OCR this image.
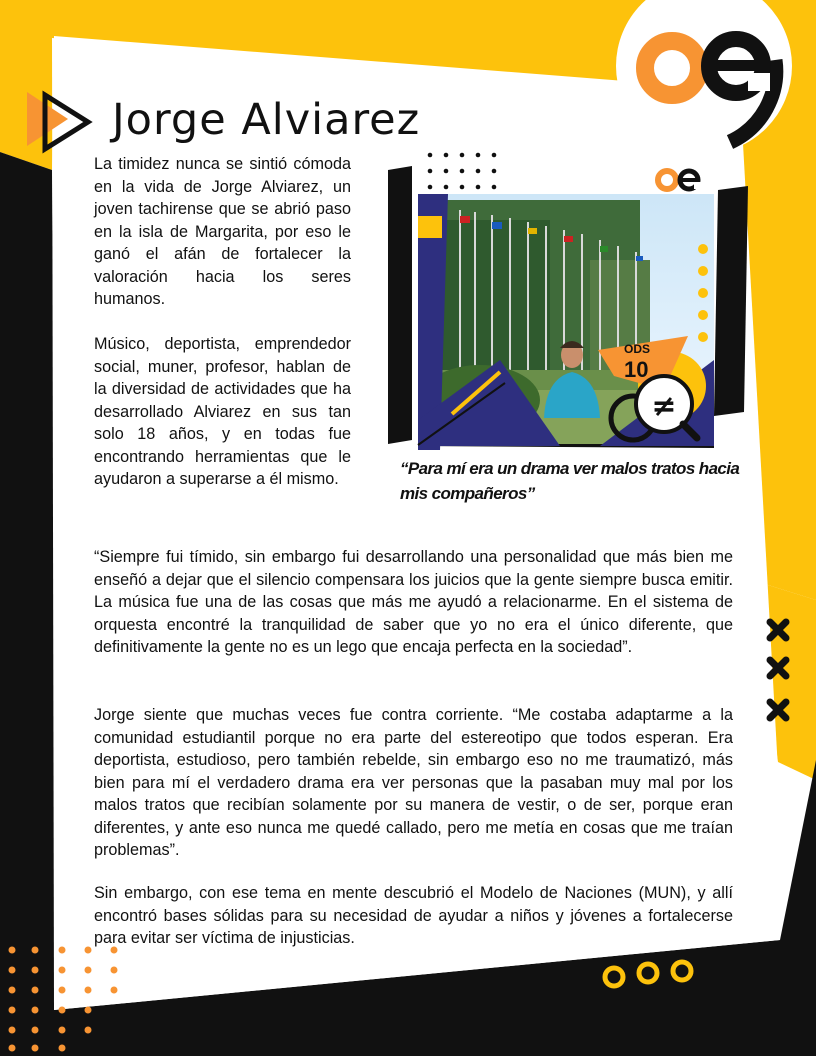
ODS
10
≠
Jorge Alviarez

La timidez nunca se sintió cómoda en la vida de Jorge Alviarez, un joven tachirense que se abrió paso en la isla de Margarita, por eso le ganó el afán de fortalecer la valoración hacia los seres humanos.

Músico, deportista, emprendedor social, muner, profesor, hablan de la diversidad de actividades que ha desarrollado Alviarez en sus tan solo 18 años, y en todas fue encontrando herramientas que le ayudaron a superarse a él mismo.

“Para mí era un drama ver malos tratos hacia mis compañeros”

“Siempre fui tímido, sin embargo fui desarrollando una personalidad que más bien me enseñó a dejar que el silencio compensara los juicios que la gente siempre busca emitir. La música fue una de las cosas que más me ayudó a relacionarme. En el sistema de orquesta encontré la tranquilidad de saber que yo no era el único diferente, que definitivamente la gente no es un lego que encaja perfecta en la sociedad”.

Jorge siente que muchas veces fue contra corriente. “Me costaba adaptarme a la comunidad estudiantil porque no era parte del estereotipo que todos esperan. Era deportista, estudioso, pero también rebelde, sin embargo eso no me traumatizó, más bien para mí el verdadero drama era ver personas que la pasaban muy mal por los malos tratos que recibían solamente por su manera de vestir, o de ser, porque eran diferentes, y ante eso nunca me quedé callado, pero me metía en cosas que me traían problemas”.

Sin embargo, con ese tema en mente descubrió el Modelo de Naciones (MUN), y allí encontró bases sólidas para su necesidad de ayudar a niños y jóvenes a fortalecerse para evitar ser víctima de injusticias.
